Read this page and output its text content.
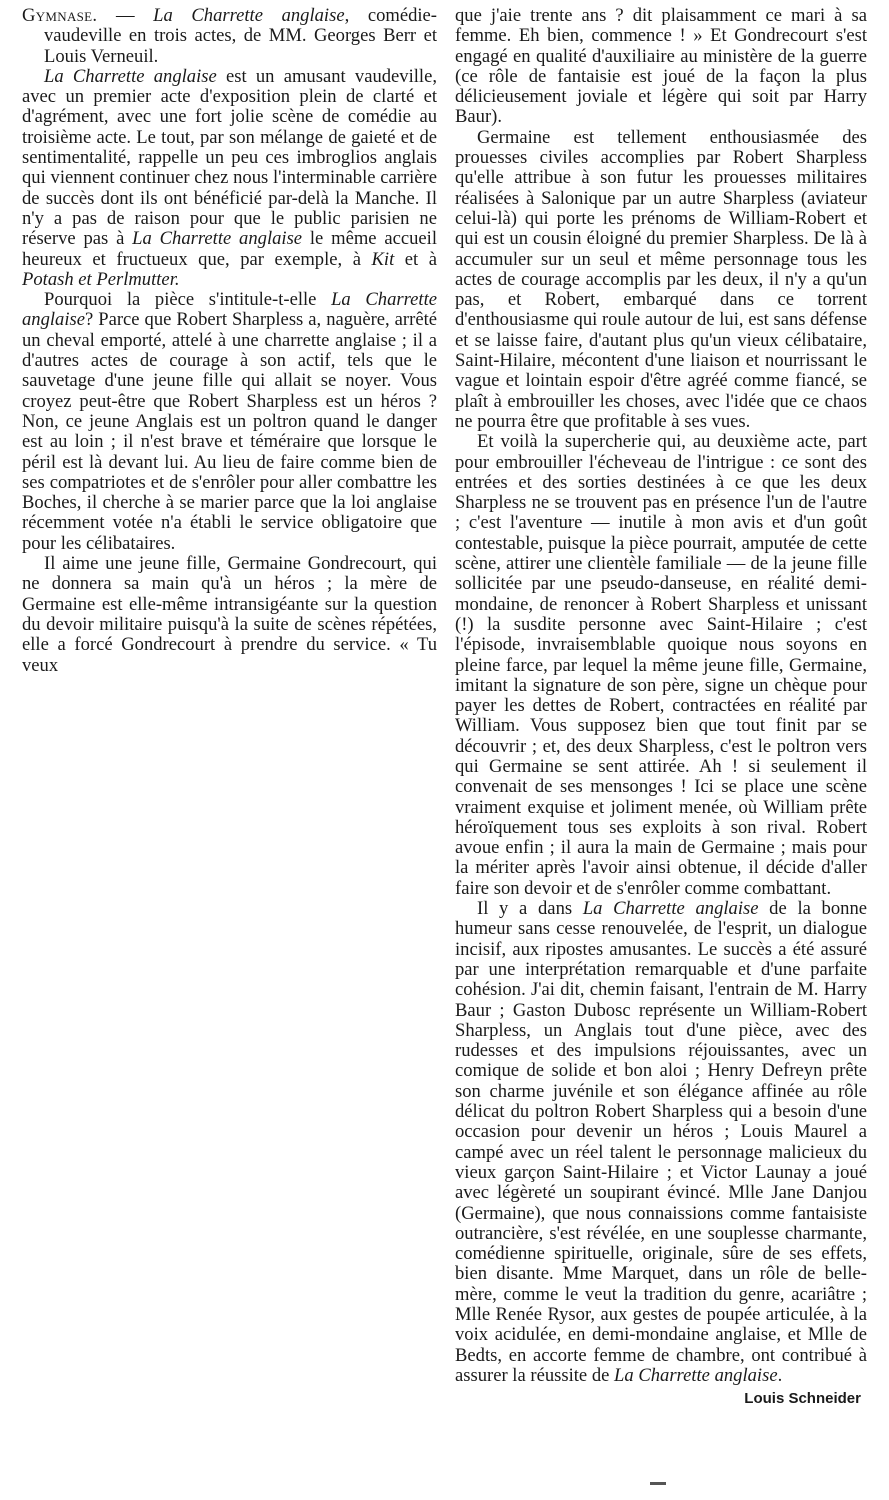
Gymnase. — La Charrette anglaise, comédie-vaudeville en trois actes, de MM. Georges Berr et Louis Verneuil.

La Charrette anglaise est un amusant vaudeville, avec un premier acte d'exposition plein de clarté et d'agrément, avec une fort jolie scène de comédie au troisième acte. Le tout, par son mélange de gaieté et de sentimentalité, rappelle un peu ces imbroglios anglais qui viennent continuer chez nous l'interminable carrière de succès dont ils ont bénéficié par-delà la Manche. Il n'y a pas de raison pour que le public parisien ne réserve pas à La Charrette anglaise le même accueil heureux et fructueux que, par exemple, à Kit et à Potash et Perlmutter.

Pourquoi la pièce s'intitule-t-elle La Charrette anglaise? Parce que Robert Sharpless a, naguère, arrêté un cheval emporté, attelé à une charrette anglaise ; il a d'autres actes de courage à son actif, tels que le sauvetage d'une jeune fille qui allait se noyer. Vous croyez peut-être que Robert Sharpless est un héros ? Non, ce jeune Anglais est un poltron quand le danger est au loin ; il n'est brave et téméraire que lorsque le péril est là devant lui. Au lieu de faire comme bien de ses compatriotes et de s'enrôler pour aller combattre les Boches, il cherche à se marier parce que la loi anglaise récemment votée n'a établi le service obligatoire que pour les célibataires.

Il aime une jeune fille, Germaine Gondrecourt, qui ne donnera sa main qu'à un héros ; la mère de Germaine est elle-même intransigéante sur la question du devoir militaire puisqu'à la suite de scènes répétées, elle a forcé Gondrecourt à prendre du service. « Tu veux

que j'aie trente ans ? dit plaisamment ce mari à sa femme. Eh bien, commence ! » Et Gondrecourt s'est engagé en qualité d'auxiliaire au ministère de la guerre (ce rôle de fantaisie est joué de la façon la plus délicieusement joviale et légère qui soit par Harry Baur).

Germaine est tellement enthousiasmée des prouesses civiles accomplies par Robert Sharpless qu'elle attribue à son futur les prouesses militaires réalisées à Salonique par un autre Sharpless (aviateur celui-là) qui porte les prénoms de William-Robert et qui est un cousin éloigné du premier Sharpless. De là à accumuler sur un seul et même personnage tous les actes de courage accomplis par les deux, il n'y a qu'un pas, et Robert, embarqué dans ce torrent d'enthousiasme qui roule autour de lui, est sans défense et se laisse faire, d'autant plus qu'un vieux célibataire, Saint-Hilaire, mécontent d'une liaison et nourrissant le vague et lointain espoir d'être agréé comme fiancé, se plaît à embrouiller les choses, avec l'idée que ce chaos ne pourra être que profitable à ses vues.

Et voilà la supercherie qui, au deuxième acte, part pour embrouiller l'écheveau de l'intrigue : ce sont des entrées et des sorties destinées à ce que les deux Sharpless ne se trouvent pas en présence l'un de l'autre ; c'est l'aventure — inutile à mon avis et d'un goût contestable, puisque la pièce pourrait, amputée de cette scène, attirer une clientèle familiale — de la jeune fille sollicitée par une pseudo-danseuse, en réalité demi-mondaine, de renoncer à Robert Sharpless et unissant (!) la susdite personne avec Saint-Hilaire ; c'est l'épisode, invraisemblable quoique nous soyons en pleine farce, par lequel la même jeune fille, Germaine, imitant la signature de son père, signe un chèque pour payer les dettes de Robert, contractées en réalité par William. Vous supposez bien que tout finit par se découvrir ; et, des deux Sharpless, c'est le poltron vers qui Germaine se sent attirée. Ah ! si seulement il convenait de ses mensonges ! Ici se place une scène vraiment exquise et joliment menée, où William prête héroïquement tous ses exploits à son rival. Robert avoue enfin ; il aura la main de Germaine ; mais pour la mériter après l'avoir ainsi obtenue, il décide d'aller faire son devoir et de s'enrôler comme combattant.

Il y a dans La Charrette anglaise de la bonne humeur sans cesse renouvelée, de l'esprit, un dialogue incisif, aux ripostes amusantes. Le succès a été assuré par une interprétation remarquable et d'une parfaite cohésion. J'ai dit, chemin faisant, l'entrain de M. Harry Baur ; Gaston Dubosc représente un William-Robert Sharpless, un Anglais tout d'une pièce, avec des rudesses et des impulsions réjouissantes, avec un comique de solide et bon aloi ; Henry Defreyn prête son charme juvénile et son élégance affinée au rôle délicat du poltron Robert Sharpless qui a besoin d'une occasion pour devenir un héros ; Louis Maurel a campé avec un réel talent le personnage malicieux du vieux garçon Saint-Hilaire ; et Victor Launay a joué avec légèreté un soupirant évincé. Mlle Jane Danjou (Germaine), que nous connaissions comme fantaisiste outrancière, s'est révélée, en une souplesse charmante, comédienne spirituelle, originale, sûre de ses effets, bien disante. Mme Marquet, dans un rôle de belle-mère, comme le veut la tradition du genre, acariâtre ; Mlle Renée Rysor, aux gestes de poupée articulée, à la voix acidulée, en demi-mondaine anglaise, et Mlle de Bedts, en accorte femme de chambre, ont contribué à assurer la réussite de La Charrette anglaise.

Louis Schneider
